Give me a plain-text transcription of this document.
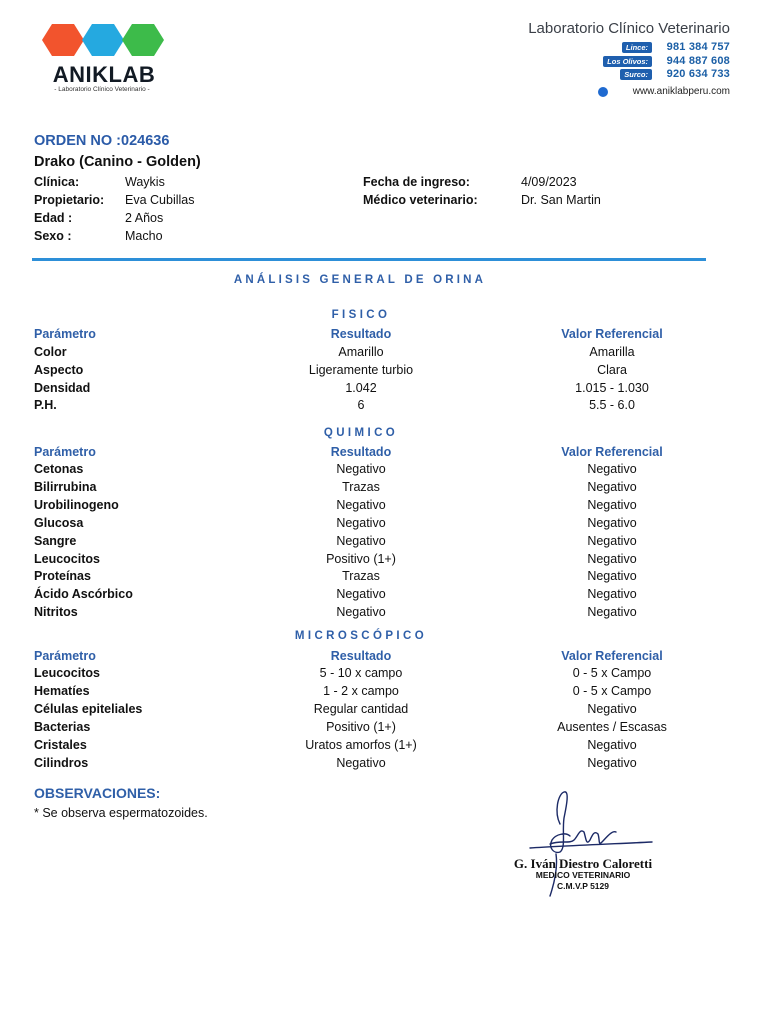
ANIKLAB
- Laboratorio Clínico Veterinario -
Laboratorio Clínico Veterinario
Lince:	981 384 757
Los Olivos:	944 887 608
Surco:	920 634 733
www.aniklabperu.com
ORDEN NO :024636
Drako (Canino - Golden)
Clínica:	Waykis
Propietario: Eva Cubillas
Edad :	2 Años
Sexo :	Macho
Fecha de ingreso:	4/09/2023
Médico veterinario:	Dr. San Martin
ANÁLISIS GENERAL DE ORINA
FISICO
Parámetro	Resultado	Valor Referencial
Color	Amarillo	Amarilla
Aspecto	Ligeramente turbio	Clara
Densidad	1.042	1.015 - 1.030
P.H.	6	5.5 - 6.0
QUIMICO
Parámetro	Resultado	Valor Referencial
Cetonas	Negativo	Negativo
Bilirrubina	Trazas	Negativo
Urobilinogeno	Negativo	Negativo
Glucosa	Negativo	Negativo
Sangre	Negativo	Negativo
Leucocitos	Positivo (1+)	Negativo
Proteínas	Trazas	Negativo
Ácido Ascórbico	Negativo	Negativo
Nitritos	Negativo	Negativo
MICROSCÓPICO
Parámetro	Resultado	Valor Referencial
Leucocitos	5 - 10 x campo	0 - 5 x Campo
Hematíes	1 - 2 x campo	0 - 5 x Campo
Células epiteliales	Regular cantidad	Negativo
Bacterias	Positivo (1+)	Ausentes / Escasas
Cristales	Uratos amorfos (1+)	Negativo
Cilindros	Negativo	Negativo
OBSERVACIONES:
* Se observa espermatozoides.
G. Iván Diestro Caloretti
MEDICO VETERINARIO
C.M.V.P 5129
